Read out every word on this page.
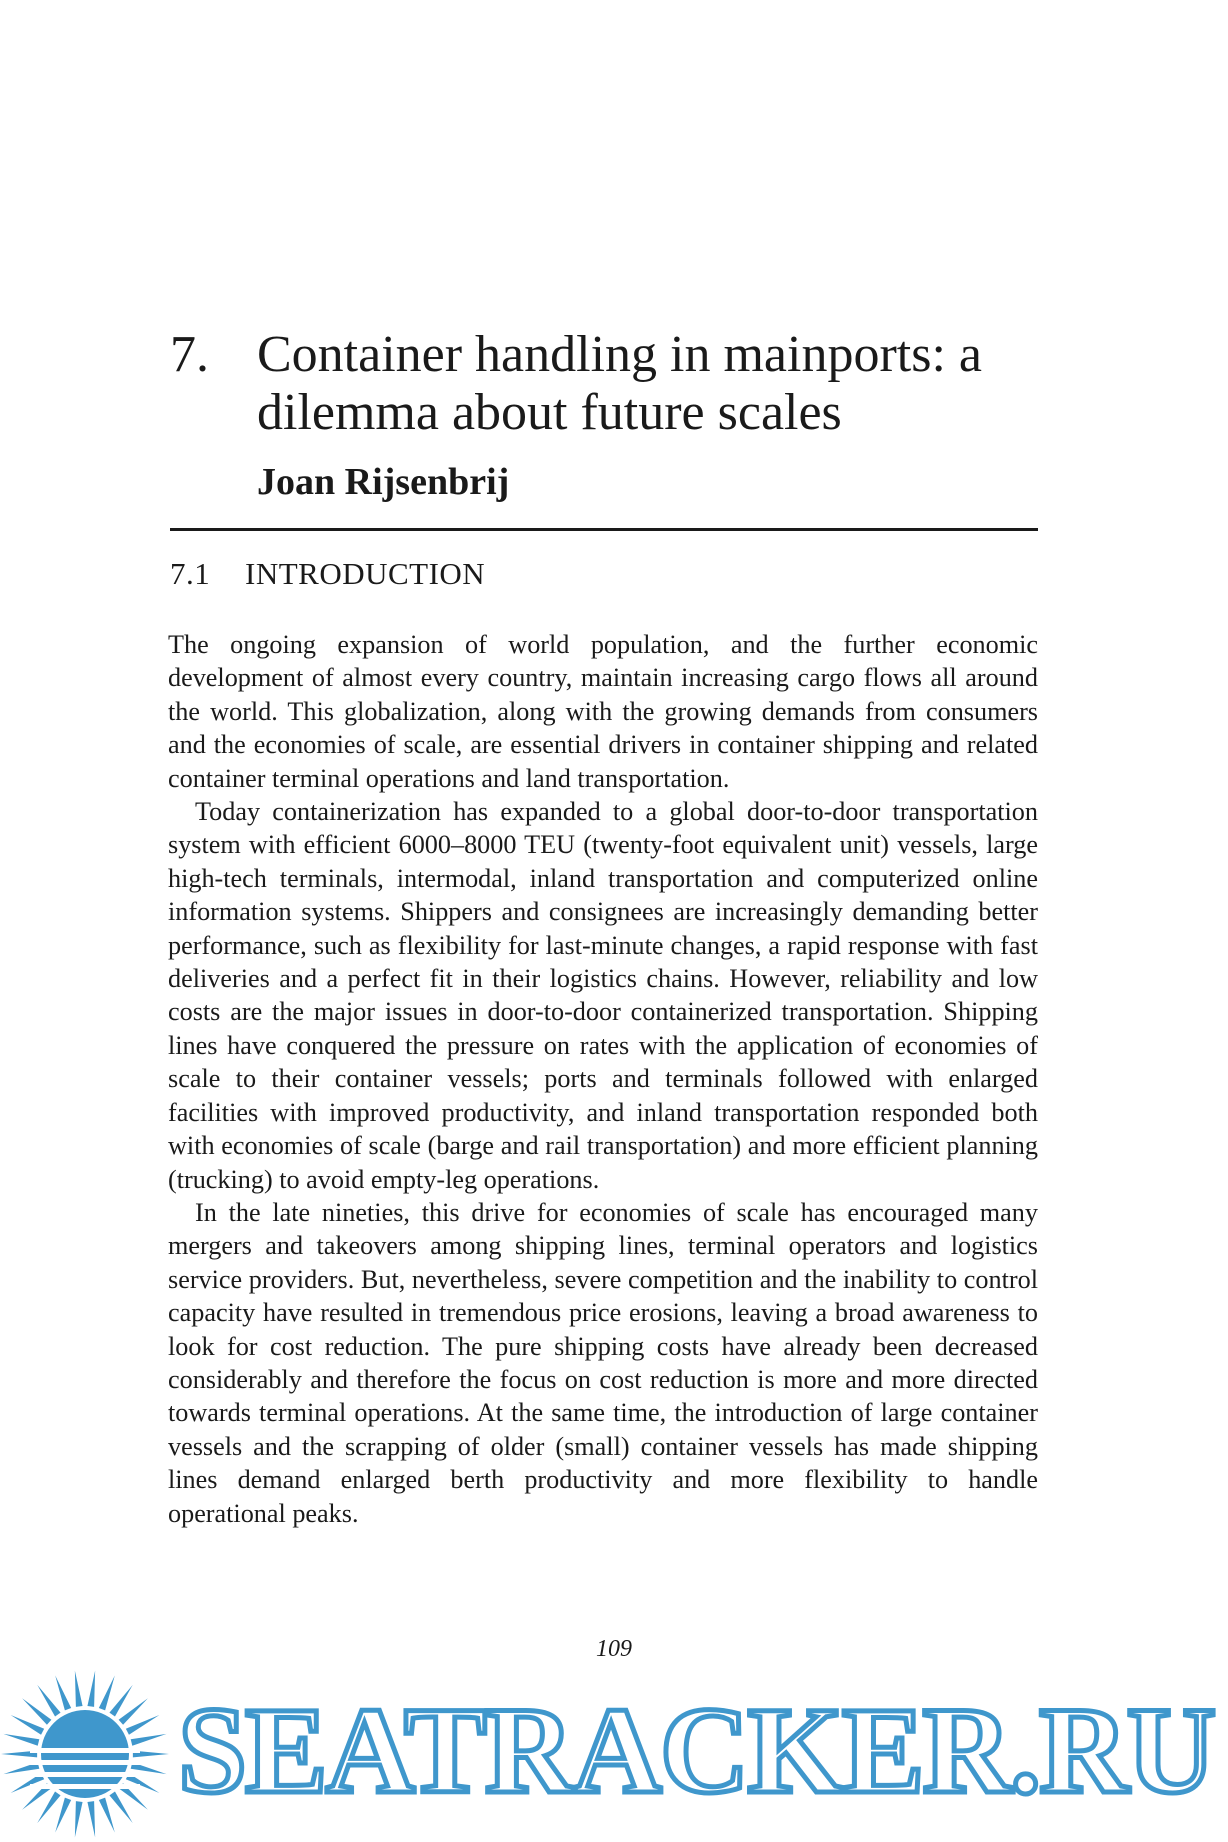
7. Container handling in mainports: a dilemma about future scales
Joan Rijsenbrij
7.1	INTRODUCTION

The ongoing expansion of world population, and the further economic development of almost every country, maintain increasing cargo flows all around the world. This globalization, along with the growing demands from consumers and the economies of scale, are essential drivers in container shipping and related container terminal operations and land transportation.

Today containerization has expanded to a global door-to-door transportation system with efficient 6000–8000 TEU (twenty-foot equivalent unit) vessels, large high-tech terminals, intermodal, inland transportation and computerized online information systems. Shippers and consignees are increasingly demanding better performance, such as flexibility for last-minute changes, a rapid response with fast deliveries and a perfect fit in their logistics chains. However, reliability and low costs are the major issues in door-to-door containerized transportation. Shipping lines have conquered the pressure on rates with the application of economies of scale to their container vessels; ports and terminals followed with enlarged facilities with improved productivity, and inland transportation responded both with economies of scale (barge and rail transportation) and more efficient planning (trucking) to avoid empty-leg operations.

In the late nineties, this drive for economies of scale has encouraged many mergers and takeovers among shipping lines, terminal operators and logistics service providers. But, nevertheless, severe competition and the inability to control capacity have resulted in tremendous price erosions, leaving a broad awareness to look for cost reduction. The pure shipping costs have already been decreased considerably and therefore the focus on cost reduction is more and more directed towards terminal operations. At the same time, the introduction of large container vessels and the scrapping of older (small) container vessels has made shipping lines demand enlarged berth productivity and more flexibility to handle operational peaks.

109
SEATRACKER.RU
